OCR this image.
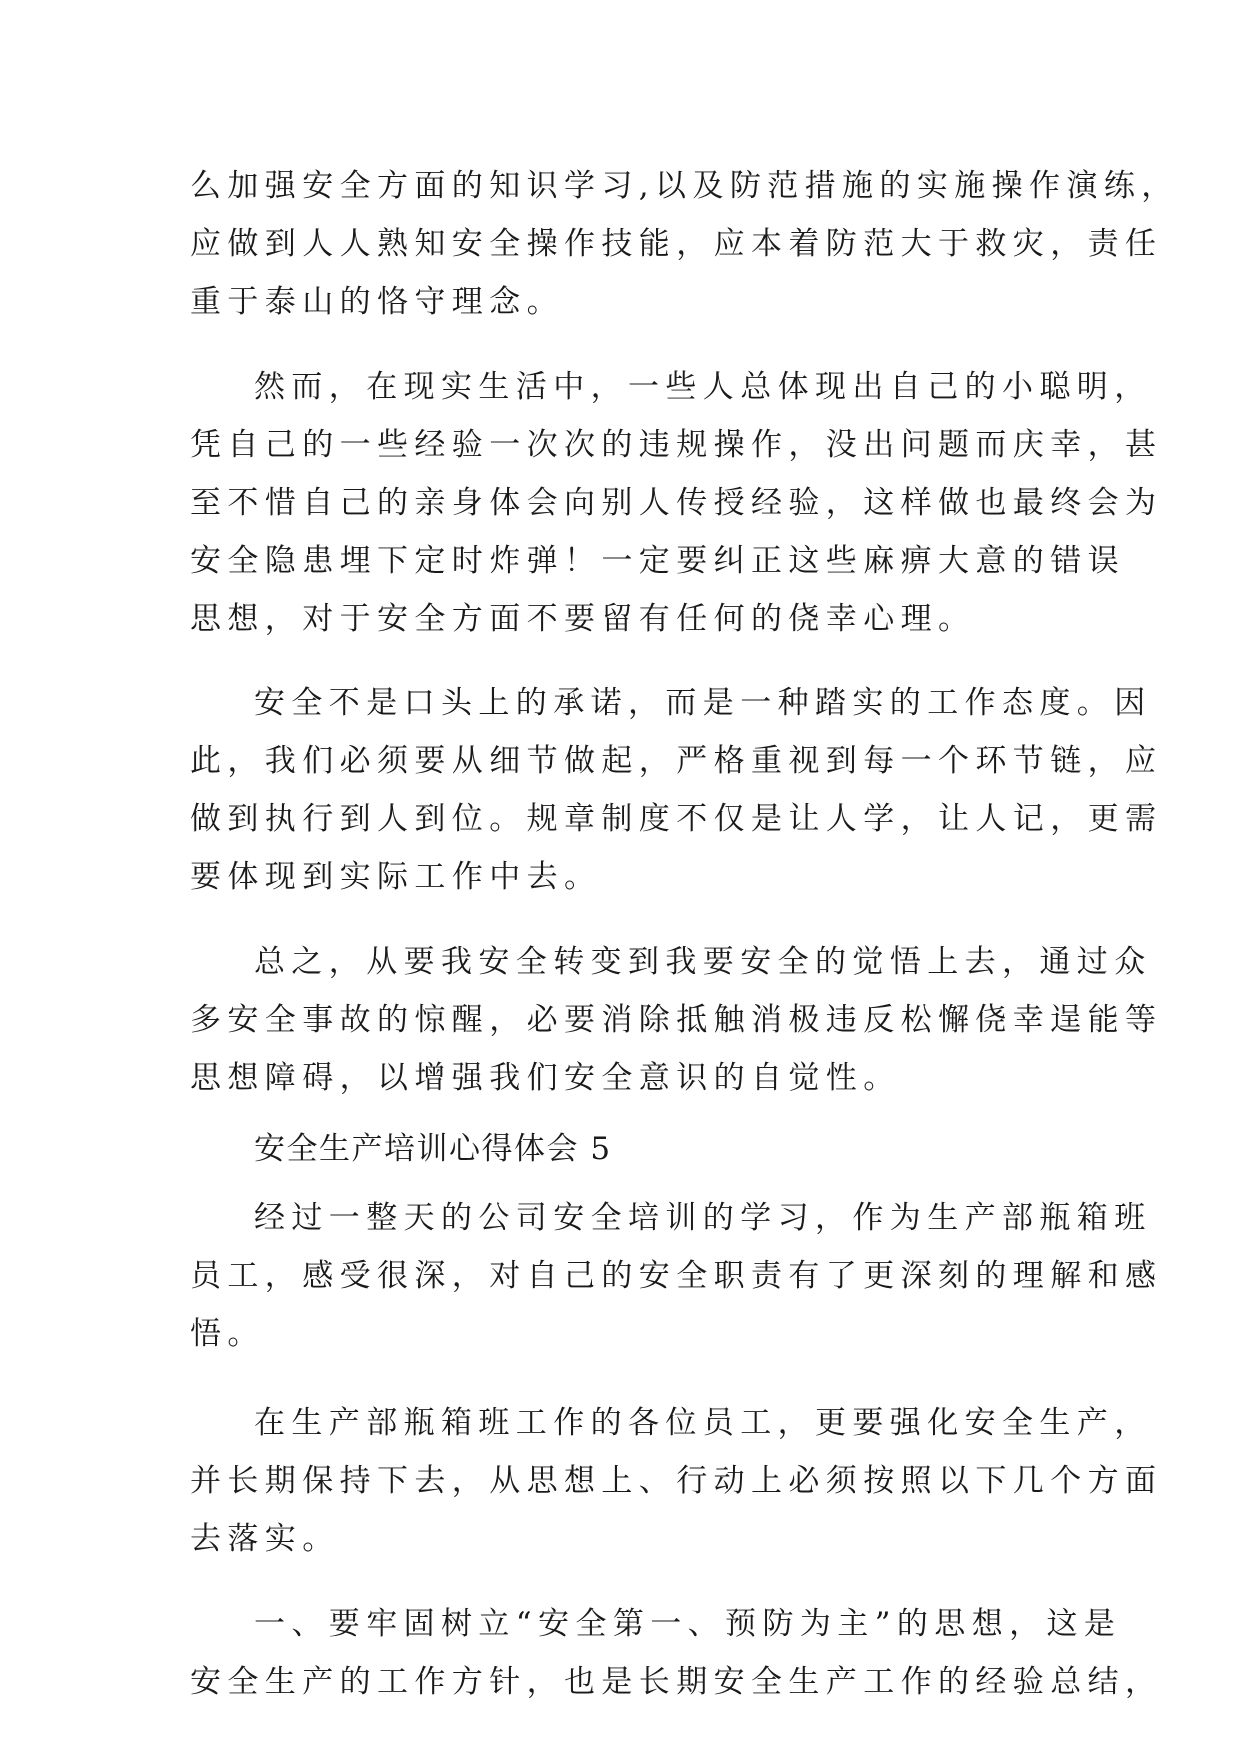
么加强安全方面的知识学习,以及防范措施的实施操作演练，
应做到人人熟知安全操作技能，应本着防范大于救灾，责任
重于泰山的恪守理念。
然而，在现实生活中，一些人总体现出自己的小聪明，
凭自己的一些经验一次次的违规操作，没出问题而庆幸，甚
至不惜自己的亲身体会向别人传授经验，这样做也最终会为
安全隐患埋下定时炸弹！一定要纠正这些麻痹大意的错误
思想，对于安全方面不要留有任何的侥幸心理。
安全不是口头上的承诺，而是一种踏实的工作态度。因
此，我们必须要从细节做起，严格重视到每一个环节链，应
做到执行到人到位。规章制度不仅是让人学，让人记，更需
要体现到实际工作中去。
总之，从要我安全转变到我要安全的觉悟上去，通过众
多安全事故的惊醒，必要消除抵触消极违反松懈侥幸逞能等
思想障碍，以增强我们安全意识的自觉性。
安全生产培训心得体会 5
经过一整天的公司安全培训的学习，作为生产部瓶箱班
员工，感受很深，对自己的安全职责有了更深刻的理解和感
悟。
在生产部瓶箱班工作的各位员工，更要强化安全生产，
并长期保持下去，从思想上、行动上必须按照以下几个方面
去落实。
一、要牢固树立“安全第一、预防为主”的思想，这是
安全生产的工作方针，也是长期安全生产工作的经验总结，
